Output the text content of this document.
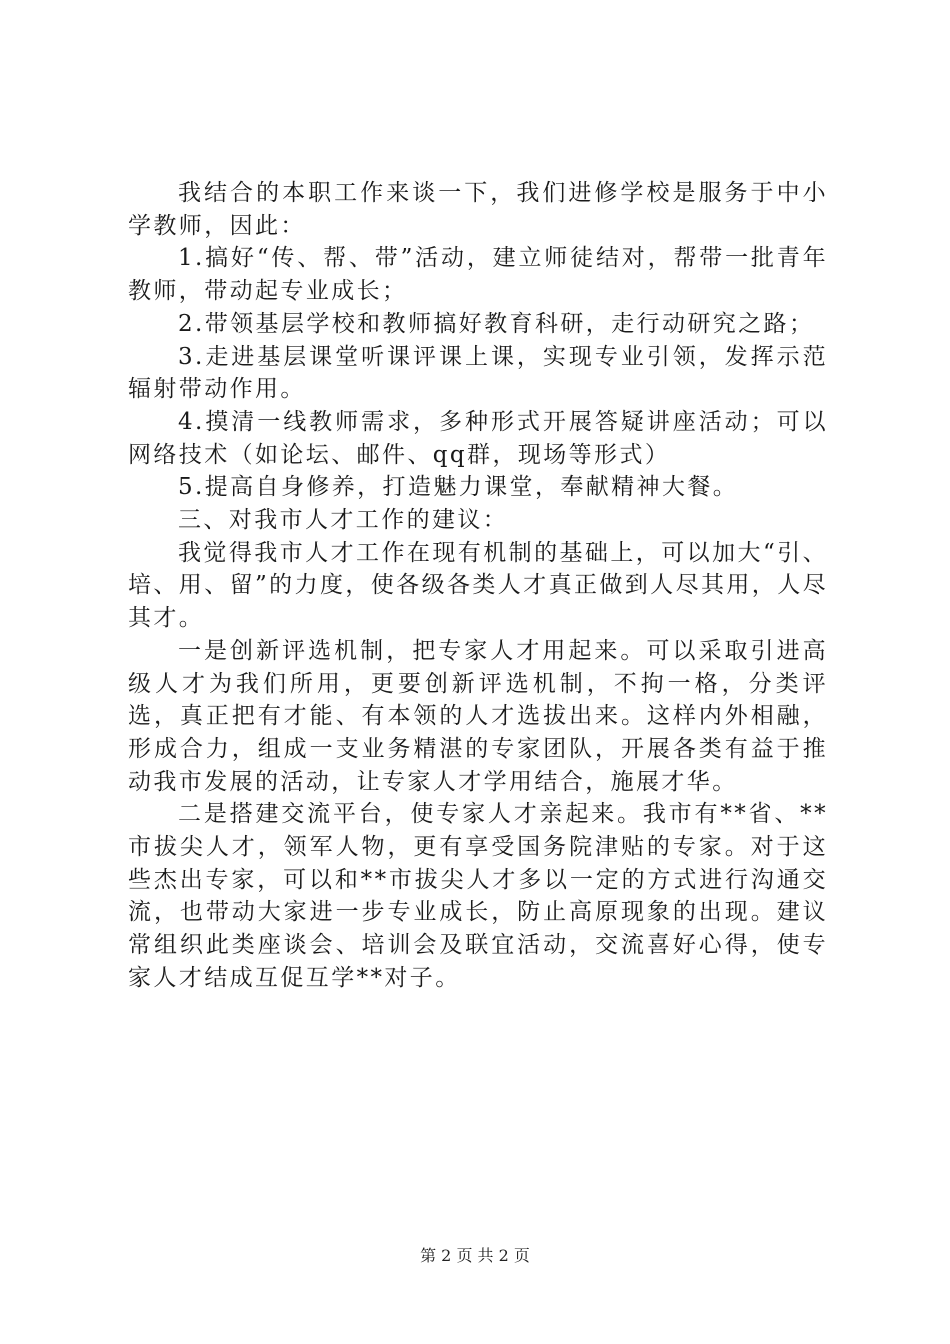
我结合的本职工作来谈一下，我们进修学校是服务于中小学教师，因此：

1.搞好“传、帮、带”活动，建立师徒结对，帮带一批青年教师，带动起专业成长；

2.带领基层学校和教师搞好教育科研，走行动研究之路；

3.走进基层课堂听课评课上课，实现专业引领，发挥示范辐射带动作用。

4.摸清一线教师需求，多种形式开展答疑讲座活动；可以网络技术（如论坛、邮件、qq群，现场等形式）

5.提高自身修养，打造魅力课堂，奉献精神大餐。

三、对我市人才工作的建议：

我觉得我市人才工作在现有机制的基础上，可以加大“引、培、用、留”的力度，使各级各类人才真正做到人尽其用，人尽其才。

一是创新评选机制，把专家人才用起来。可以采取引进高级人才为我们所用，更要创新评选机制，不拘一格，分类评选，真正把有才能、有本领的人才选拔出来。这样内外相融，形成合力，组成一支业务精湛的专家团队，开展各类有益于推动我市发展的活动，让专家人才学用结合，施展才华。

二是搭建交流平台，使专家人才亲起来。我市有**省、**市拔尖人才，领军人物，更有享受国务院津贴的专家。对于这些杰出专家，可以和**市拔尖人才多以一定的方式进行沟通交流，也带动大家进一步专业成长，防止高原现象的出现。建议常组织此类座谈会、培训会及联宜活动，交流喜好心得，使专家人才结成互促互学**对子。

第 2 页 共 2 页
